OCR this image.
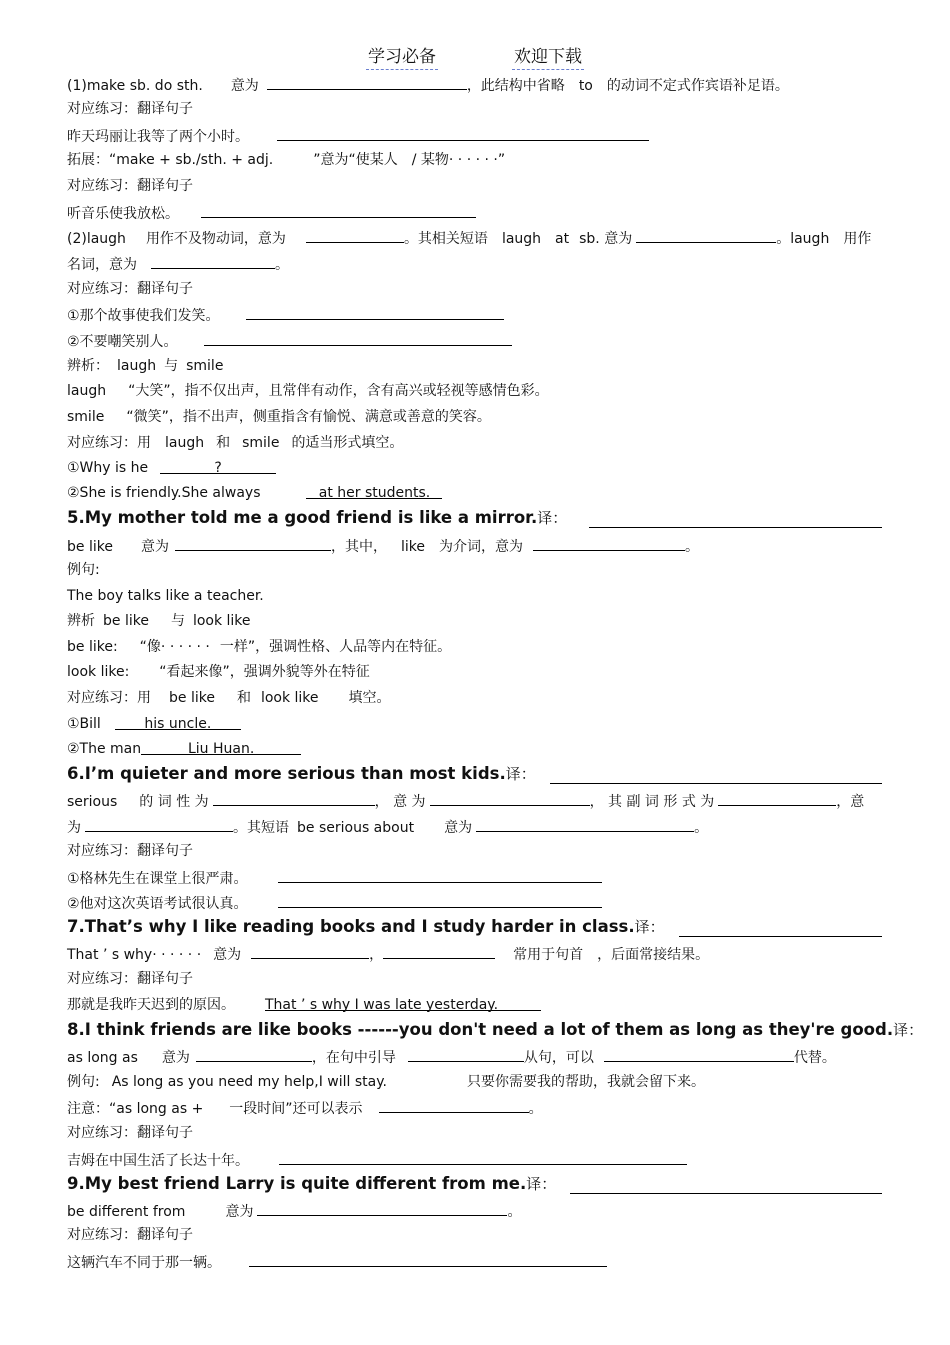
学习必备	欢迎下载
(1)make sb. do sth. 意为	，此结构中省略 to 的动词不定式作宾语补足语。
对应练习：翻译句子
昨天玛丽让我等了两个小时。
拓展：“make + sb./sth. + adj.	”意为“使某人 / 某物· · · · · ·”
对应练习：翻译句子
听音乐使我放松。
(2)laugh 用作不及物动词，意为	。其相关短语 laugh at sb. 意为	。laugh 用作
名词，意为	。
对应练习：翻译句子
①那个故事使我们发笑。
②不要嘲笑别人。
辨析： laugh 与 smile
laugh “大笑”，指不仅出声，且常伴有动作，含有高兴或轻视等感情色彩。
smile “微笑”，指不出声，侧重指含有愉悦、满意或善意的笑容。
对应练习：用 laugh 和 smile 的适当形式填空。
①Why is he	?
②She is friendly.She always	at her students.
5.My mother told me a good friend is like a mirror. 译：
be like 意为	，其中， like 为介词，意为	。
例句:
The boy talks like a teacher.
辨析 be like 与 look like
be like: “像· · · · · · 一样”，强调性格、人品等内在特征。
look like: “看起来像”，强调外貌等外在特征
对应练习：用 be like 和 look like 填空。
①Bill	his uncle.
②The man	Liu Huan.
6.I’m quieter and more serious than most kids. 译：
serious 的 词 性 为	， 意 为	， 其 副 词 形 式 为	，意
为	。其短语 be serious about 意为	。
对应练习：翻译句子
①格林先生在课堂上很严肃。
②他对这次英语考试很认真。
7.That’s why I like reading books and I study harder in class. 译：
That ’ s why· · · · · · 意为	，	常用于句首 ，后面常接结果。
对应练习：翻译句子
那就是我昨天迟到的原因。 That ’ s why I was late yesterday.
8.I think friends are like books ------you don't need a lot of them as long as they're good. 译：
as long as 意为	，在句中引导	从句，可以	代替。
例句: As long as you need my help,I will stay.	只要你需要我的帮助，我就会留下来。
注意：“as long as + 一段时间”还可以表示	。
对应练习：翻译句子
吉姆在中国生活了长达十年。
9.My best friend Larry is quite different from me. 译：
be different from	意为	。
对应练习：翻译句子
这辆汽车不同于那一辆。
